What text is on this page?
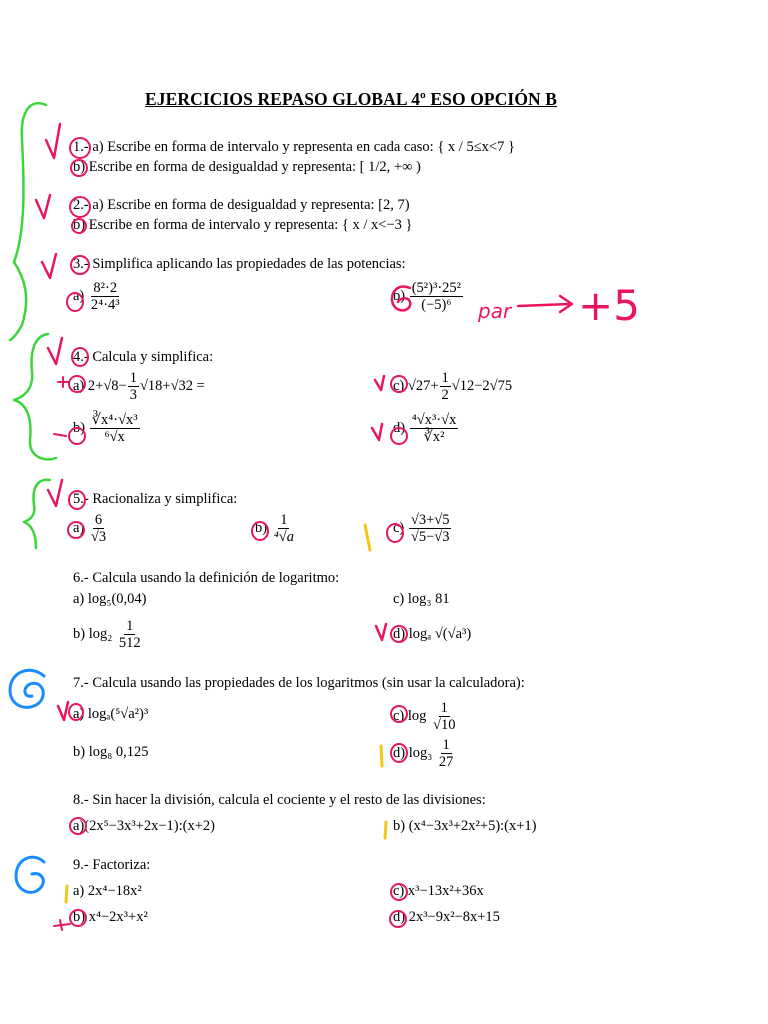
EJERCICIOS REPASO GLOBAL 4º ESO OPCIÓN B
1.- a) Escribe en forma de intervalo y representa en cada caso: { x / 5≤x<7 }
b) Escribe en forma de desigualdad y representa: [ 1/2, +∞ )
2.- a) Escribe en forma de desigualdad y representa: [2, 7)
b) Escribe en forma de intervalo y representa: { x / x<−3 }
3.- Simplifica aplicando las propiedades de las potencias:
$a) \frac{\text{8²·2}}{\text{2⁴·4³}}$	$b) \frac{\text{(5²)³·25²}}{\text{(−5)⁶}}$
4.- Calcula y simplifica:
a) $2+√8- \frac{1}{3} √18+√32$ =	c) $√27+ \frac{1}{2} √12-2√75$
$b) \frac{\text{∛x⁴·√x³}}{\text{⁶√x}}$	$d) \frac{\text{⁴√x³·√x}}{\text{∛x²}}$
5.- Racionaliza y simplifica:
$a) \frac{6}{√3}$	$b) \frac{1}{\text{⁴√a}}$	$c) \frac{√3+√5}{√5-√3}$
6.- Calcula usando la definición de logaritmo:
a) log₅(0,04)	c) log₃ 81
b) $\log_2 \frac{1}{512}$	d) logₐ √(√a³)
7.- Calcula usando las propiedades de los logaritmos (sin usar la calculadora):
a) logₐ(⁵√a²)³	c) $\log \frac{1}{√10}$
b) log₈ 0,125	d) $\log_3 \frac{1}{27}$
8.- Sin hacer la división, calcula el cociente y el resto de las divisiones:
a)(2x⁵−3x³+2x−1):(x+2)	b) (x⁴−3x³+2x²+5):(x+1)
9.- Factoriza:
a) 2x⁴−18x²	c) x³−13x²+36x
b) x⁴−2x³+x²	d) 2x³−9x²−8x+15
par +5
